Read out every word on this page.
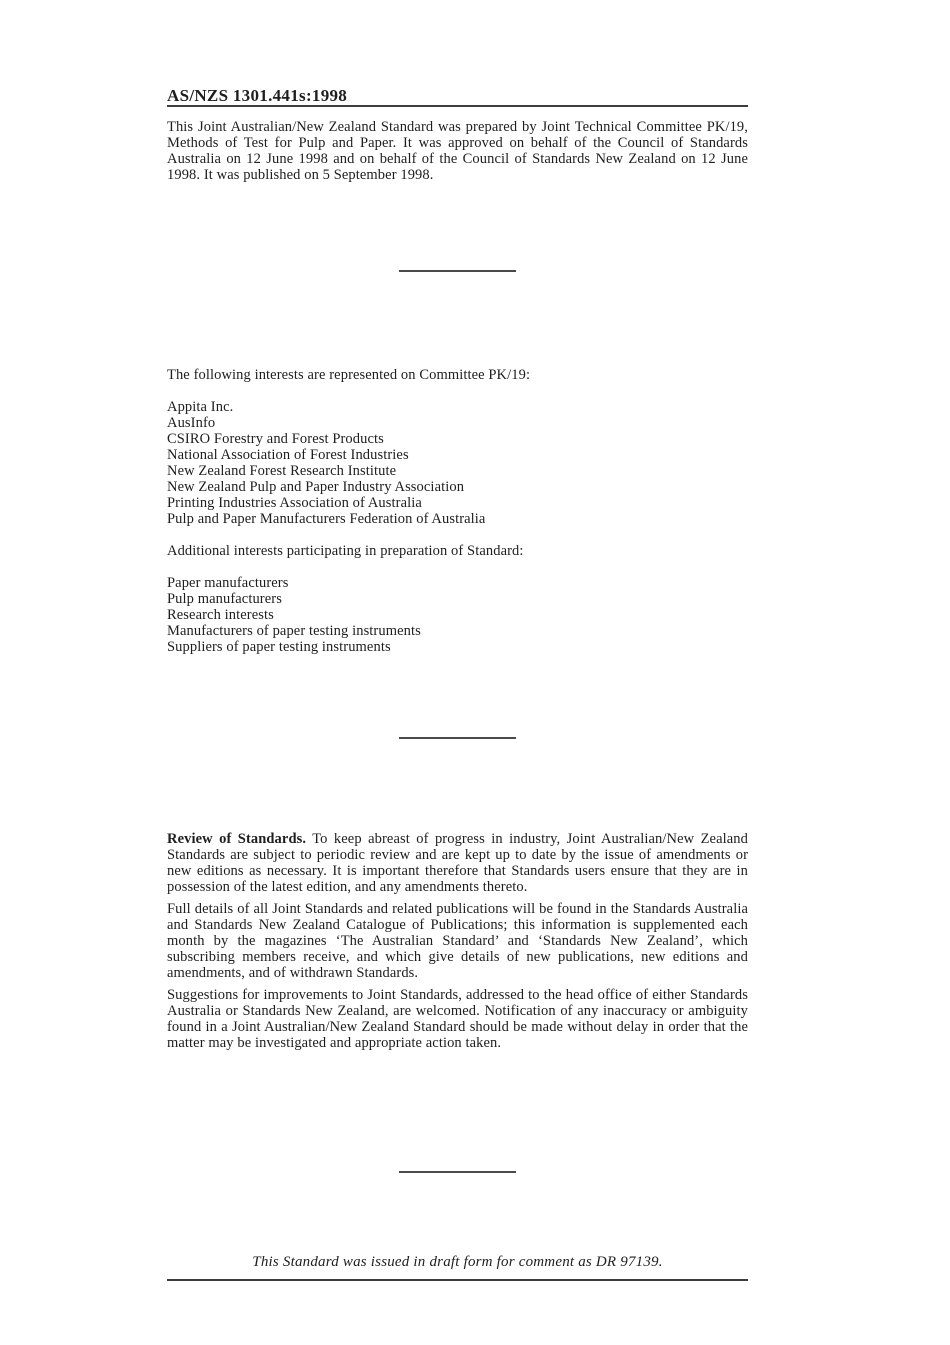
AS/NZS 1301.441s:1998

This Joint Australian/New Zealand Standard was prepared by Joint Technical Committee PK/19, Methods of Test for Pulp and Paper. It was approved on behalf of the Council of Standards Australia on 12 June 1998 and on behalf of the Council of Standards New Zealand on 12 June 1998. It was published on 5 September 1998.

The following interests are represented on Committee PK/19:
Appita Inc.
AusInfo
CSIRO Forestry and Forest Products
National Association of Forest Industries
New Zealand Forest Research Institute
New Zealand Pulp and Paper Industry Association
Printing Industries Association of Australia
Pulp and Paper Manufacturers Federation of Australia
Additional interests participating in preparation of Standard:
Paper manufacturers
Pulp manufacturers
Research interests
Manufacturers of paper testing instruments
Suppliers of paper testing instruments

Review of Standards. To keep abreast of progress in industry, Joint Australian/New Zealand Standards are subject to periodic review and are kept up to date by the issue of amendments or new editions as necessary. It is important therefore that Standards users ensure that they are in possession of the latest edition, and any amendments thereto.

Full details of all Joint Standards and related publications will be found in the Standards Australia and Standards New Zealand Catalogue of Publications; this information is supplemented each month by the magazines ‘The Australian Standard’ and ‘Standards New Zealand’, which subscribing members receive, and which give details of new publications, new editions and amendments, and of withdrawn Standards.

Suggestions for improvements to Joint Standards, addressed to the head office of either Standards Australia or Standards New Zealand, are welcomed. Notification of any inaccuracy or ambiguity found in a Joint Australian/New Zealand Standard should be made without delay in order that the matter may be investigated and appropriate action taken.

This Standard was issued in draft form for comment as DR 97139.
